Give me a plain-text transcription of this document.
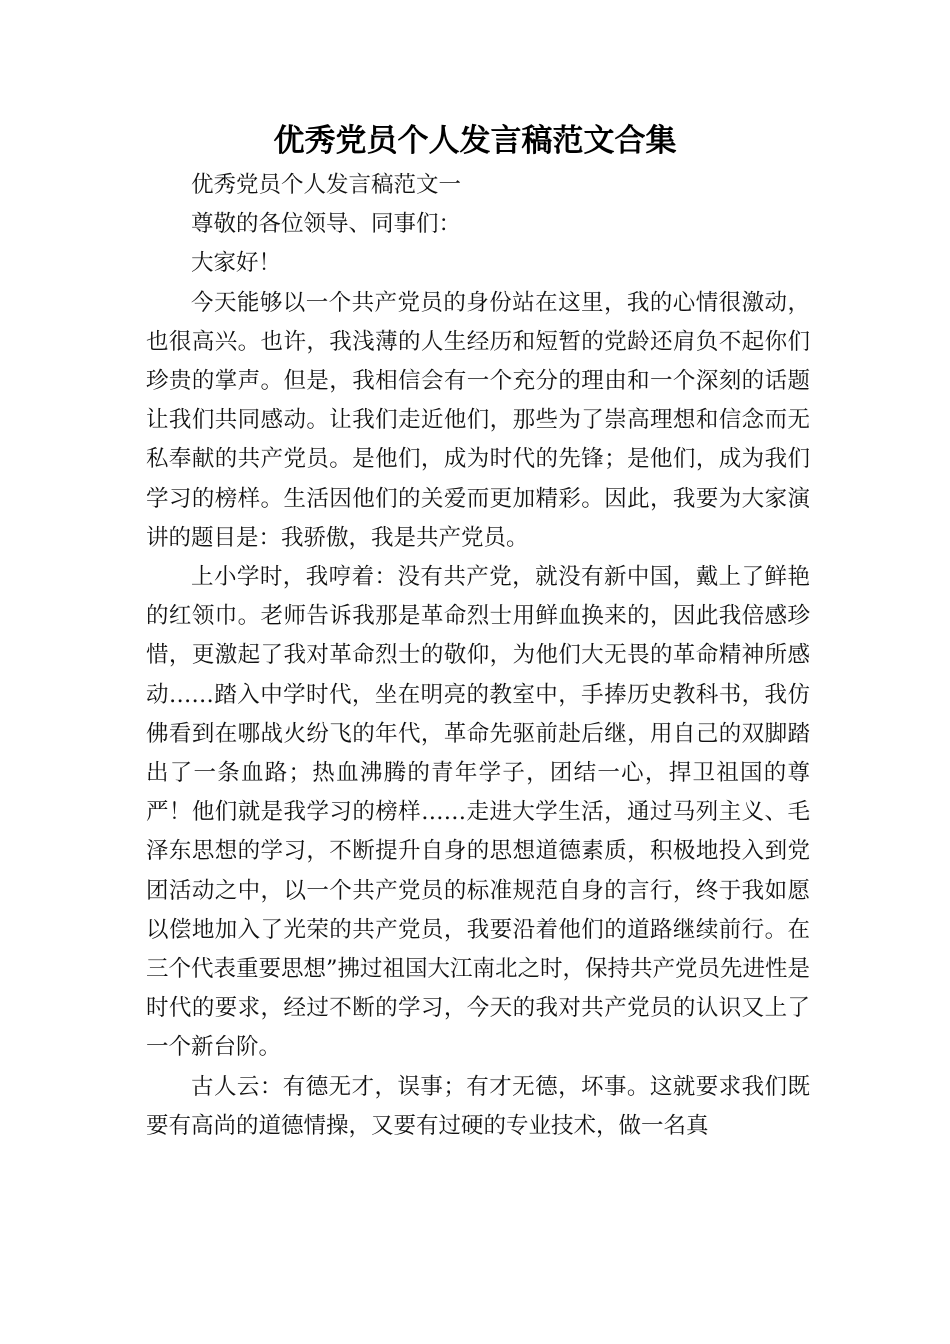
优秀党员个人发言稿范文合集

优秀党员个人发言稿范文一

尊敬的各位领导、同事们：

大家好！

今天能够以一个共产党员的身份站在这里，我的心情很激动，也很高兴。也许，我浅薄的人生经历和短暂的党龄还肩负不起你们珍贵的掌声。但是，我相信会有一个充分的理由和一个深刻的话题让我们共同感动。让我们走近他们，那些为了崇高理想和信念而无私奉献的共产党员。是他们，成为时代的先锋；是他们，成为我们学习的榜样。生活因他们的关爱而更加精彩。因此，我要为大家演讲的题目是：我骄傲，我是共产党员。

上小学时，我哼着：没有共产党，就没有新中国，戴上了鲜艳的红领巾。老师告诉我那是革命烈士用鲜血换来的，因此我倍感珍惜，更激起了我对革命烈士的敬仰，为他们大无畏的革命精神所感动……踏入中学时代，坐在明亮的教室中，手捧历史教科书，我仿佛看到在哪战火纷飞的年代，革命先驱前赴后继，用自己的双脚踏出了一条血路；热血沸腾的青年学子，团结一心，捍卫祖国的尊严！他们就是我学习的榜样……走进大学生活，通过马列主义、毛泽东思想的学习，不断提升自身的思想道德素质，积极地投入到党团活动之中，以一个共产党员的标准规范自身的言行，终于我如愿以偿地加入了光荣的共产党员，我要沿着他们的道路继续前行。在三个代表重要思想”拂过祖国大江南北之时，保持共产党员先进性是时代的要求，经过不断的学习，今天的我对共产党员的认识又上了一个新台阶。

古人云：有德无才，误事；有才无德，坏事。这就要求我们既要有高尚的道德情操，又要有过硬的专业技术，做一名真
